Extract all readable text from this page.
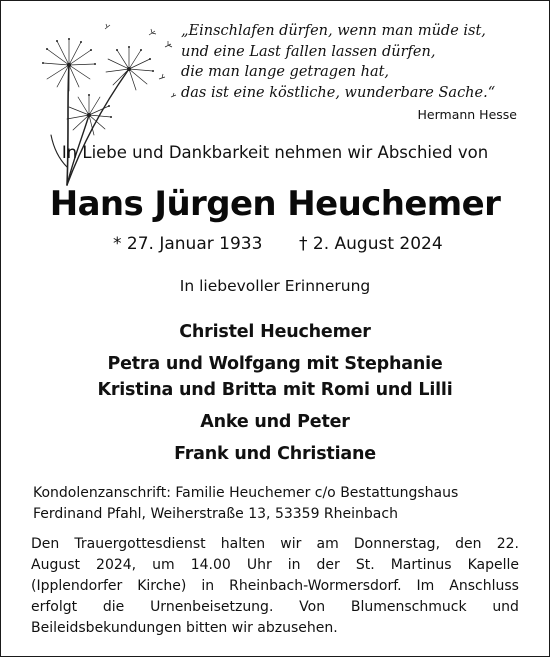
„Einschlafen dürfen, wenn man müde ist,
und eine Last fallen lassen dürfen,
die man lange getragen hat,
das ist eine köstliche, wunderbare Sache.“
Hermann Hesse
In Liebe und Dankbarkeit nehmen wir Abschied von
Hans Jürgen Heuchemer
* 27. Januar 1933 † 2. August 2024
In liebevoller Erinnerung
Christel Heuchemer
Petra und Wolfgang mit Stephanie
Kristina und Britta mit Romi und Lilli
Anke und Peter
Frank und Christiane
Kondolenzanschrift: Familie Heuchemer c/o Bestattungshaus
Ferdinand Pfahl, Weiherstraße 13, 53359 Rheinbach
Den Trauergottesdienst halten wir am Donnerstag, den 22.
August 2024, um 14.00 Uhr in der St. Martinus Kapelle
(Ipplendorfer Kirche) in Rheinbach-Wormersdorf. Im Anschluss
erfolgt die Urnenbeisetzung. Von Blumenschmuck und
Beileidsbekundungen bitten wir abzusehen.
